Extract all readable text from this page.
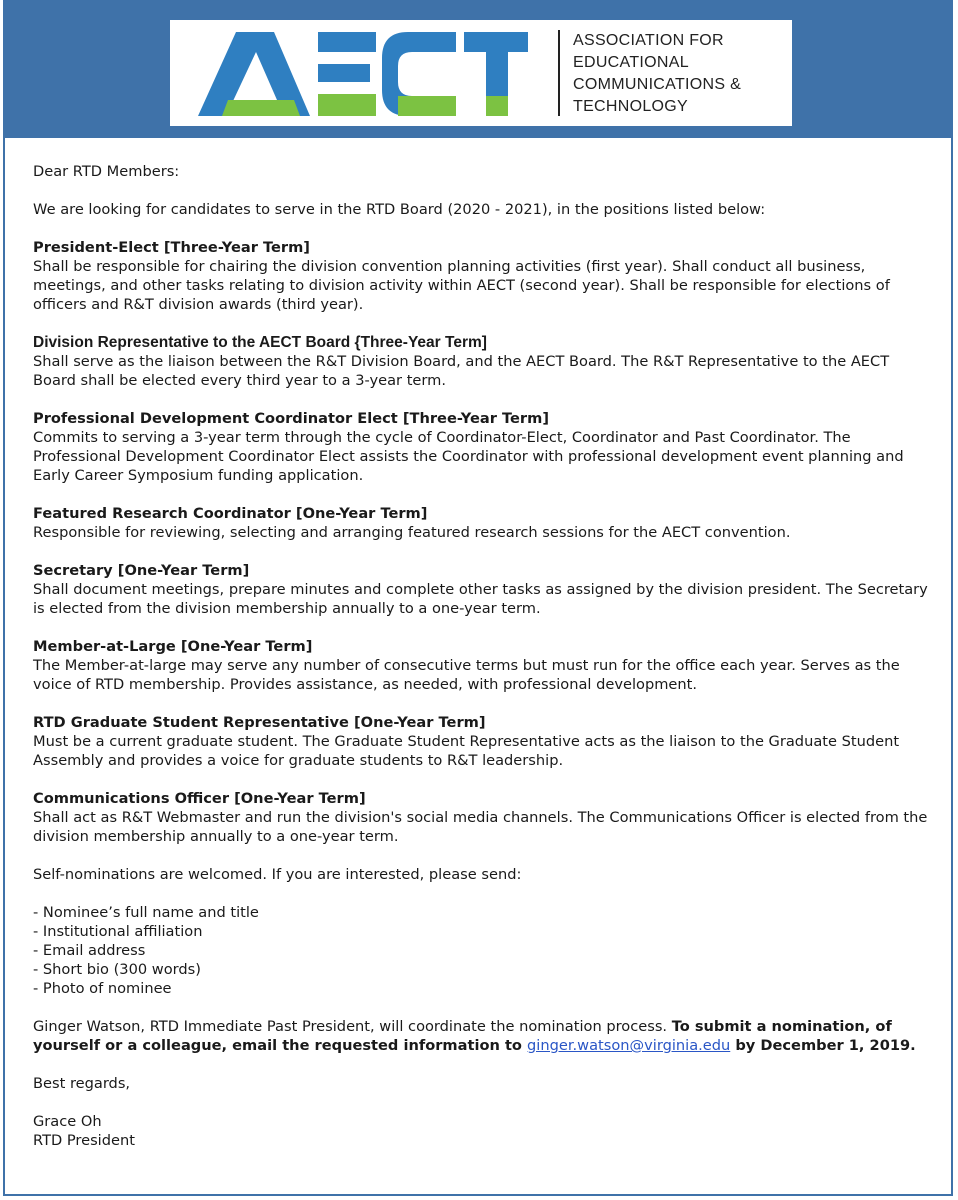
ASSOCIATION FOR
EDUCATIONAL
COMMUNICATIONS &
TECHNOLOGY

Dear RTD Members:

We are looking for candidates to serve in the RTD Board (2020 - 2021), in the positions listed below:

President-Elect [Three-Year Term]
Shall be responsible for chairing the division convention planning activities (first year). Shall conduct all business, meetings, and other tasks relating to division activity within AECT (second year). Shall be responsible for elections of officers and R&T division awards (third year).
Division Representative to the AECT Board {Three-Year Term]
Shall serve as the liaison between the R&T Division Board, and the AECT Board. The R&T Representative to the AECT Board shall be elected every third year to a 3-year term.
Professional Development Coordinator Elect [Three-Year Term]
Commits to serving a 3-year term through the cycle of Coordinator-Elect, Coordinator and Past Coordinator. The Professional Development Coordinator Elect assists the Coordinator with professional development event planning and Early Career Symposium funding application.
Featured Research Coordinator [One-Year Term]
Responsible for reviewing, selecting and arranging featured research sessions for the AECT convention.
Secretary [One-Year Term]
Shall document meetings, prepare minutes and complete other tasks as assigned by the division president. The Secretary is elected from the division membership annually to a one-year term.
Member-at-Large [One-Year Term]
The Member-at-large may serve any number of consecutive terms but must run for the office each year. Serves as the voice of RTD membership. Provides assistance, as needed, with professional development.
RTD Graduate Student Representative [One-Year Term]
Must be a current graduate student. The Graduate Student Representative acts as the liaison to the Graduate Student Assembly and provides a voice for graduate students to R&T leadership.
Communications Officer [One-Year Term]
Shall act as R&T Webmaster and run the division's social media channels. The Communications Officer is elected from the division membership annually to a one-year term.

Self-nominations are welcomed. If you are interested, please send:

- Nominee’s full name and title
- Institutional affiliation
- Email address
- Short bio (300 words)
- Photo of nominee

Ginger Watson, RTD Immediate Past President, will coordinate the nomination process. To submit a nomination, of yourself or a colleague, email the requested information to ginger.watson@virginia.edu by December 1, 2019.

Best regards,

Grace Oh
RTD President
